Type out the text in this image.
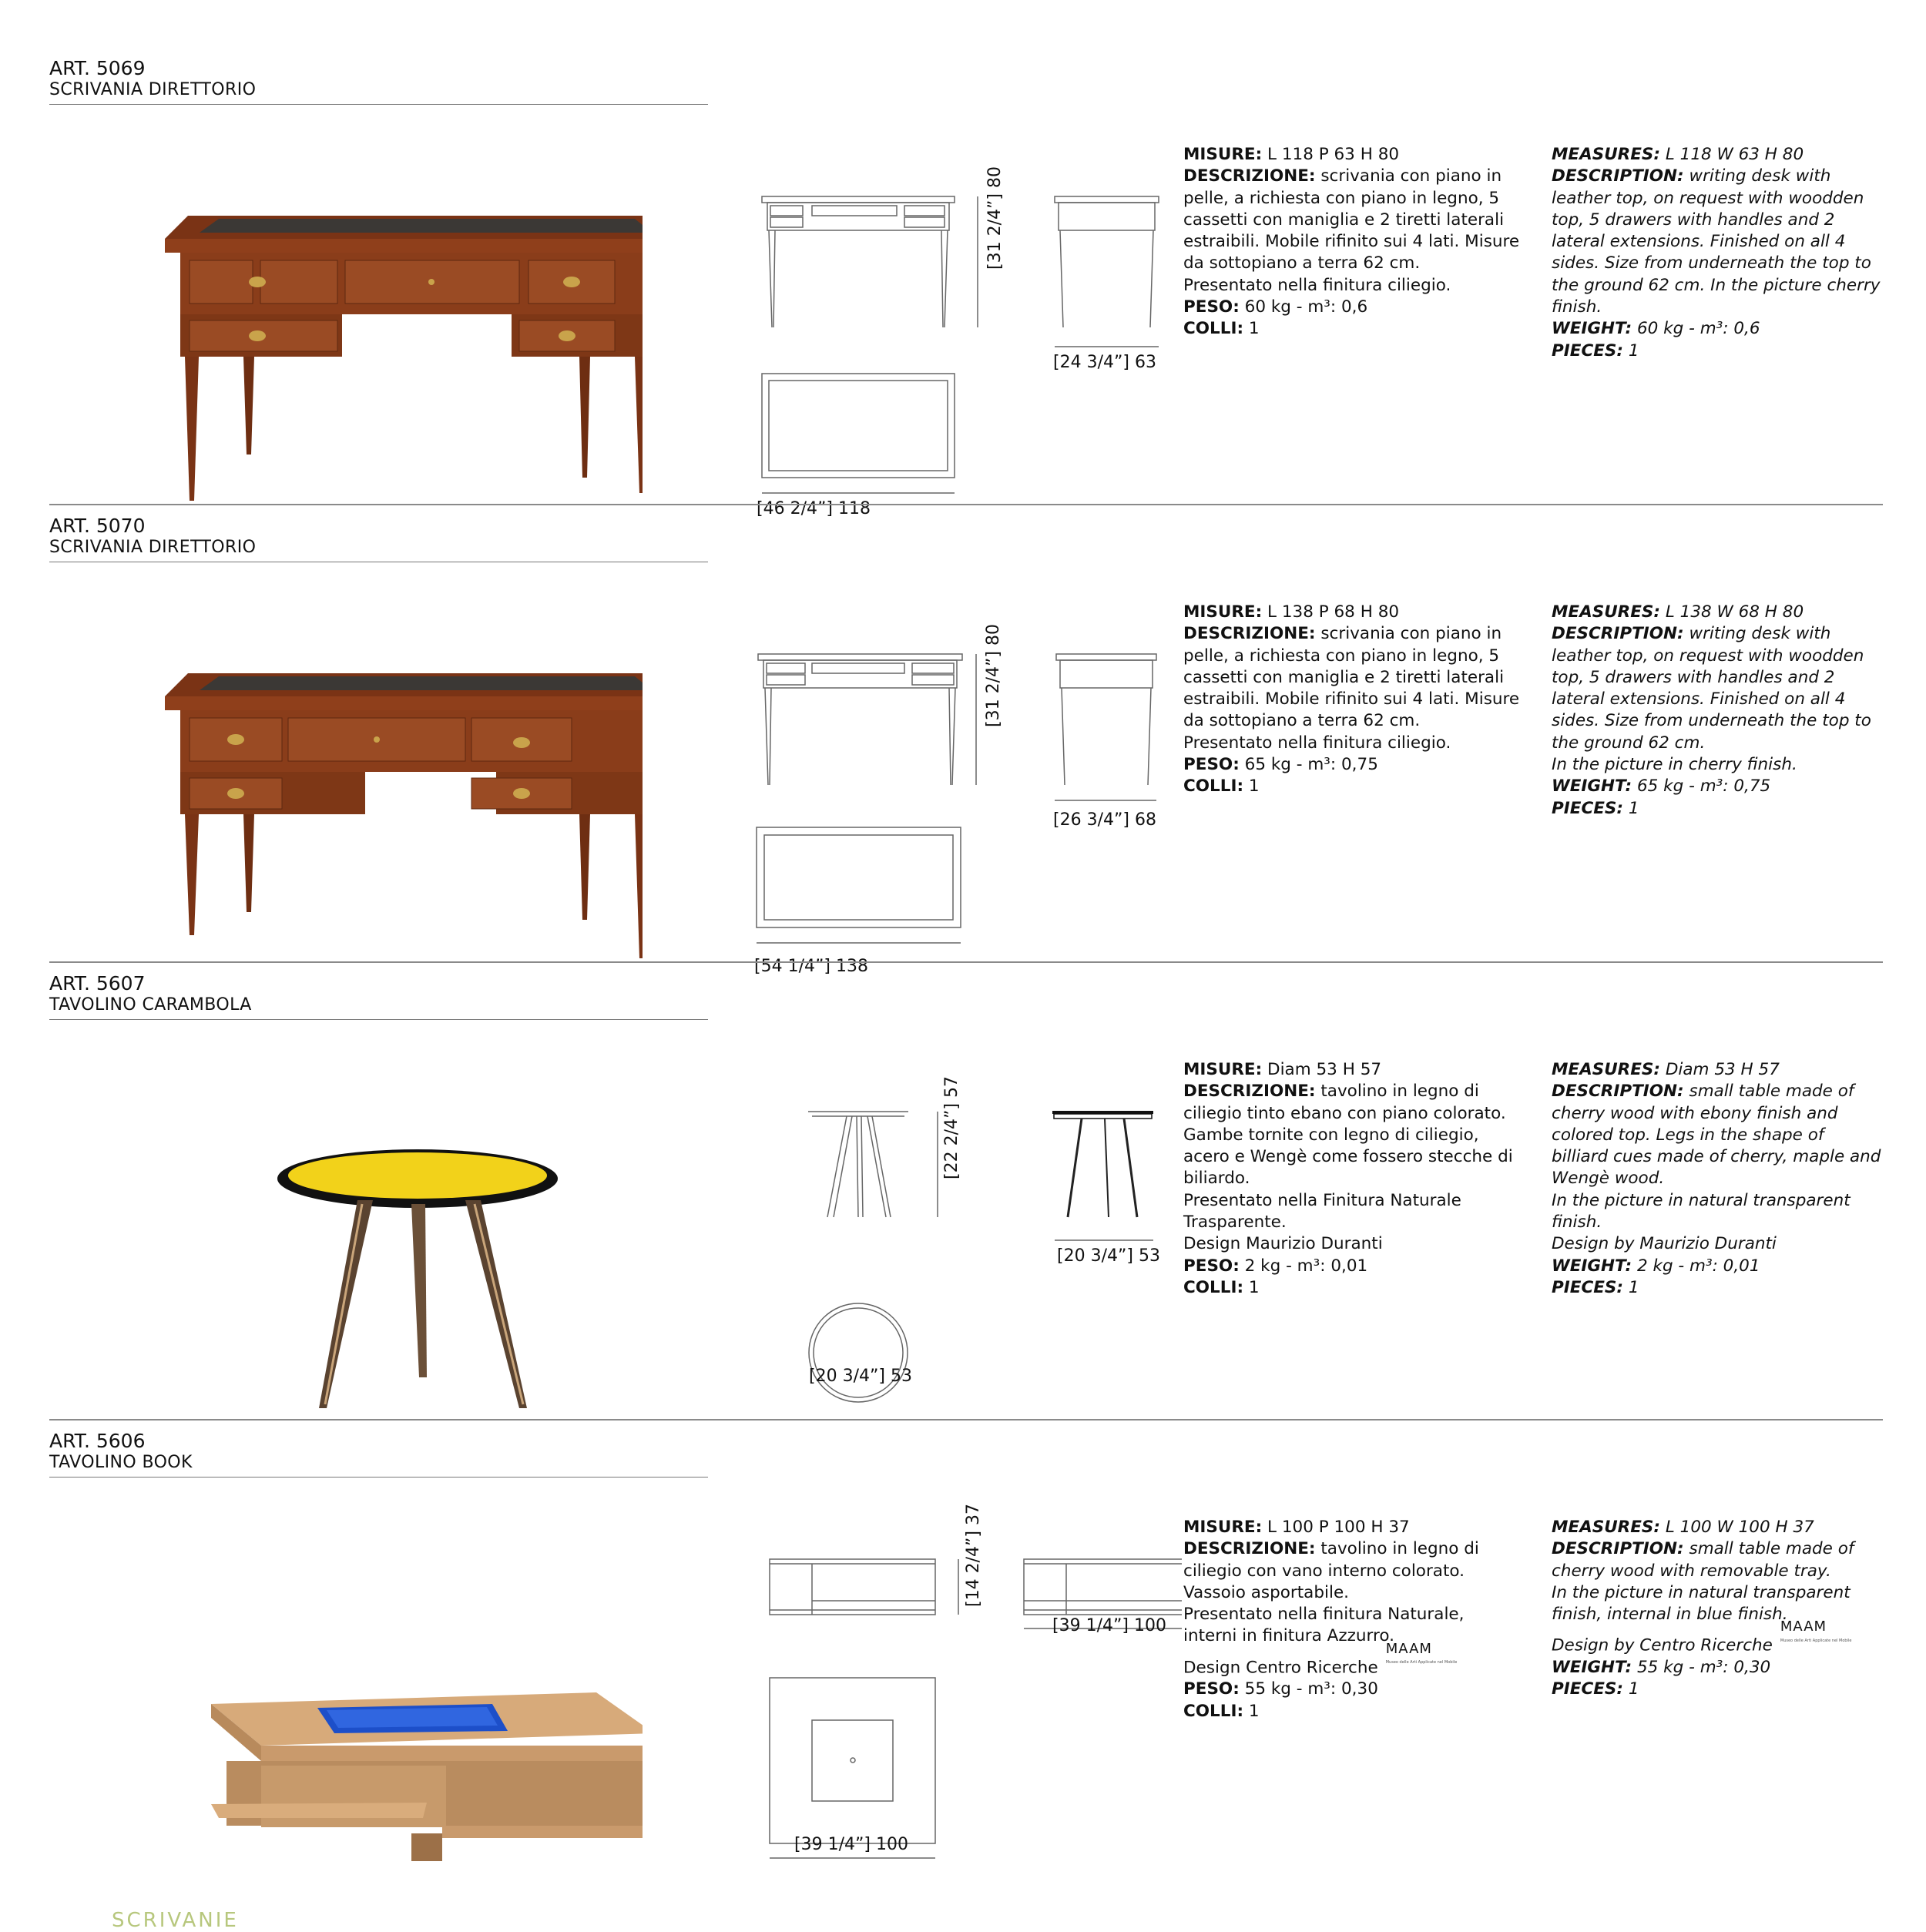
ART. 5069
SCRIVANIA DIRETTORIO
[31 2/4”] 80
[24 3/4”] 63
[46 2/4”] 118

MISURE: L 118 P 63 H 80

DESCRIZIONE: scrivania con piano in pelle, a richiesta con piano in legno, 5 cassetti con maniglia e 2 tiretti laterali estraibili. Mobile rifinito sui 4 lati. Misure da sottopiano a terra 62 cm.

Presentato nella finitura ciliegio.

PESO: 60 kg - m³: 0,6

COLLI: 1

MEASURES: L 118 W 63 H 80

DESCRIPTION: writing desk with leather top, on request with woodden top, 5 drawers with handles and 2 lateral extensions. Finished on all 4 sides. Size from underneath the top to the ground 62 cm. In the picture cherry finish.

WEIGHT: 60 kg - m³: 0,6

PIECES: 1

ART. 5070
SCRIVANIA DIRETTORIO
[31 2/4”] 80
[26 3/4”] 68
[54 1/4”] 138

MISURE: L 138 P 68 H 80

DESCRIZIONE: scrivania con piano in pelle, a richiesta con piano in legno, 5 cassetti con maniglia e 2 tiretti laterali estraibili. Mobile rifinito sui 4 lati. Misure da sottopiano a terra 62 cm.

Presentato nella finitura ciliegio.

PESO: 65 kg - m³: 0,75

COLLI: 1

MEASURES: L 138 W 68 H 80

DESCRIPTION: writing desk with leather top, on request with woodden top, 5 drawers with handles and 2 lateral extensions. Finished on all 4 sides. Size from underneath the top to the ground 62 cm.

In the picture in cherry finish.

WEIGHT: 65 kg - m³: 0,75

PIECES: 1

ART. 5607
TAVOLINO CARAMBOLA
[22 2/4”] 57
[20 3/4”] 53
[20 3/4”] 53

MISURE: Diam 53 H 57

DESCRIZIONE: tavolino in legno di ciliegio tinto ebano con piano colorato. Gambe tornite con legno di ciliegio, acero e Wengè come fossero stecche di biliardo.

Presentato nella Finitura Naturale Trasparente.

Design Maurizio Duranti

PESO: 2 kg - m³: 0,01

COLLI: 1

MEASURES: Diam 53 H 57

DESCRIPTION: small table made of cherry wood with ebony finish and colored top. Legs in the shape of billiard cues made of cherry, maple and Wengè wood.

In the picture in natural transparent finish.

Design by Maurizio Duranti

WEIGHT: 2 kg - m³: 0,01

PIECES: 1

ART. 5606
TAVOLINO BOOK
[14 2/4”] 37
[39 1/4”] 100
[39 1/4”] 100

MISURE: L 100 P 100 H 37

DESCRIZIONE: tavolino in legno di ciliegio con vano interno colorato. Vassoio asportabile.

Presentato nella finitura Naturale, interni in finitura Azzurro.

Design Centro RicercheMAAM
Museo delle Arti Applicate nel Mobile

PESO: 55 kg - m³: 0,30

COLLI: 1

MEASURES: L 100 W 100 H 37

DESCRIPTION: small table made of cherry wood with removable tray.

In the picture in natural transparent finish, internal in blue finish.

Design by Centro RicercheMAAM
Museo delle Arti Applicate nel Mobile

WEIGHT: 55 kg - m³: 0,30

PIECES: 1

SCRIVANIE
